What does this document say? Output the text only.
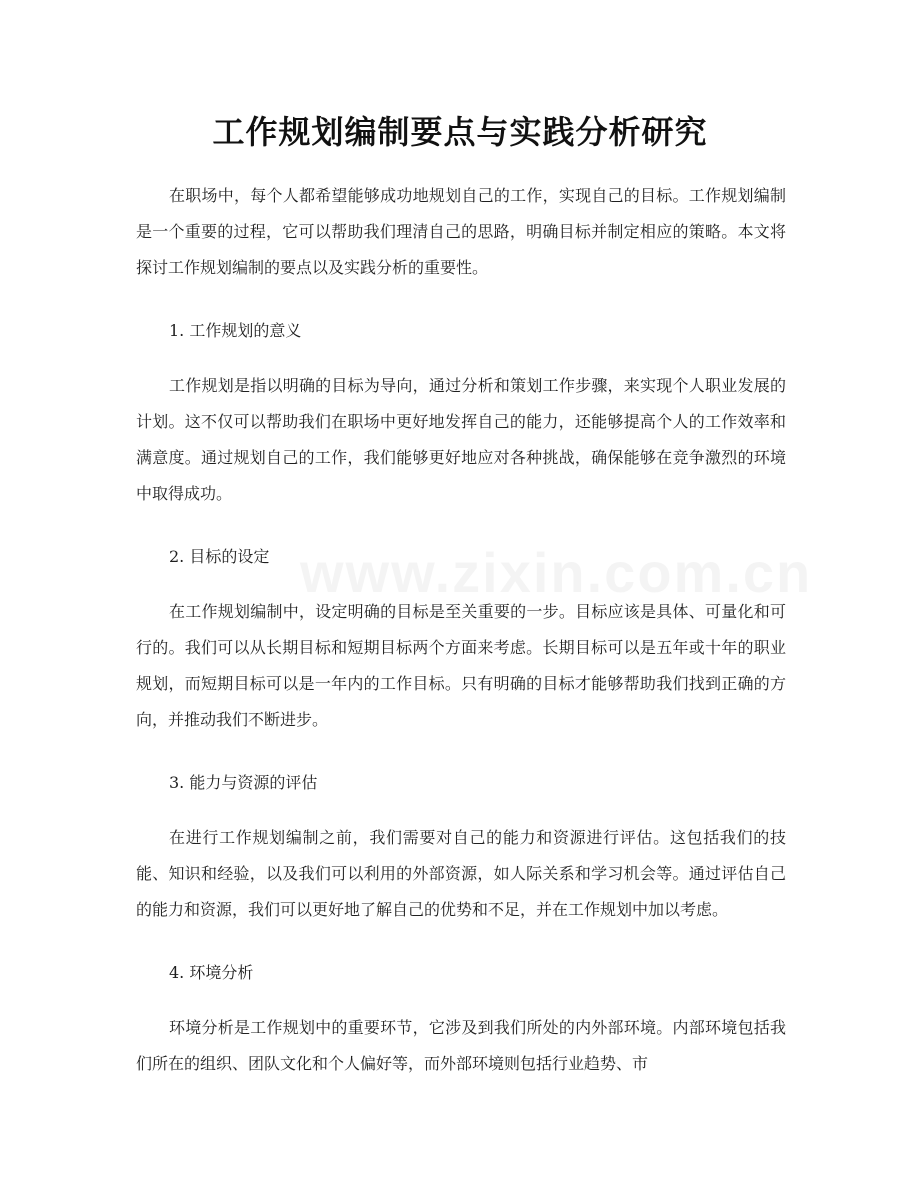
工作规划编制要点与实践分析研究

在职场中，每个人都希望能够成功地规划自己的工作，实现自己的目标。工作规划编制是一个重要的过程，它可以帮助我们理清自己的思路，明确目标并制定相应的策略。本文将探讨工作规划编制的要点以及实践分析的重要性。

1. 工作规划的意义

工作规划是指以明确的目标为导向，通过分析和策划工作步骤，来实现个人职业发展的计划。这不仅可以帮助我们在职场中更好地发挥自己的能力，还能够提高个人的工作效率和满意度。通过规划自己的工作，我们能够更好地应对各种挑战，确保能够在竞争激烈的环境中取得成功。

2. 目标的设定

在工作规划编制中，设定明确的目标是至关重要的一步。目标应该是具体、可量化和可行的。我们可以从长期目标和短期目标两个方面来考虑。长期目标可以是五年或十年的职业规划，而短期目标可以是一年内的工作目标。只有明确的目标才能够帮助我们找到正确的方向，并推动我们不断进步。

3. 能力与资源的评估

在进行工作规划编制之前，我们需要对自己的能力和资源进行评估。这包括我们的技能、知识和经验，以及我们可以利用的外部资源，如人际关系和学习机会等。通过评估自己的能力和资源，我们可以更好地了解自己的优势和不足，并在工作规划中加以考虑。

4. 环境分析

环境分析是工作规划中的重要环节，它涉及到我们所处的内外部环境。内部环境包括我们所在的组织、团队文化和个人偏好等，而外部环境则包括行业趋势、市
